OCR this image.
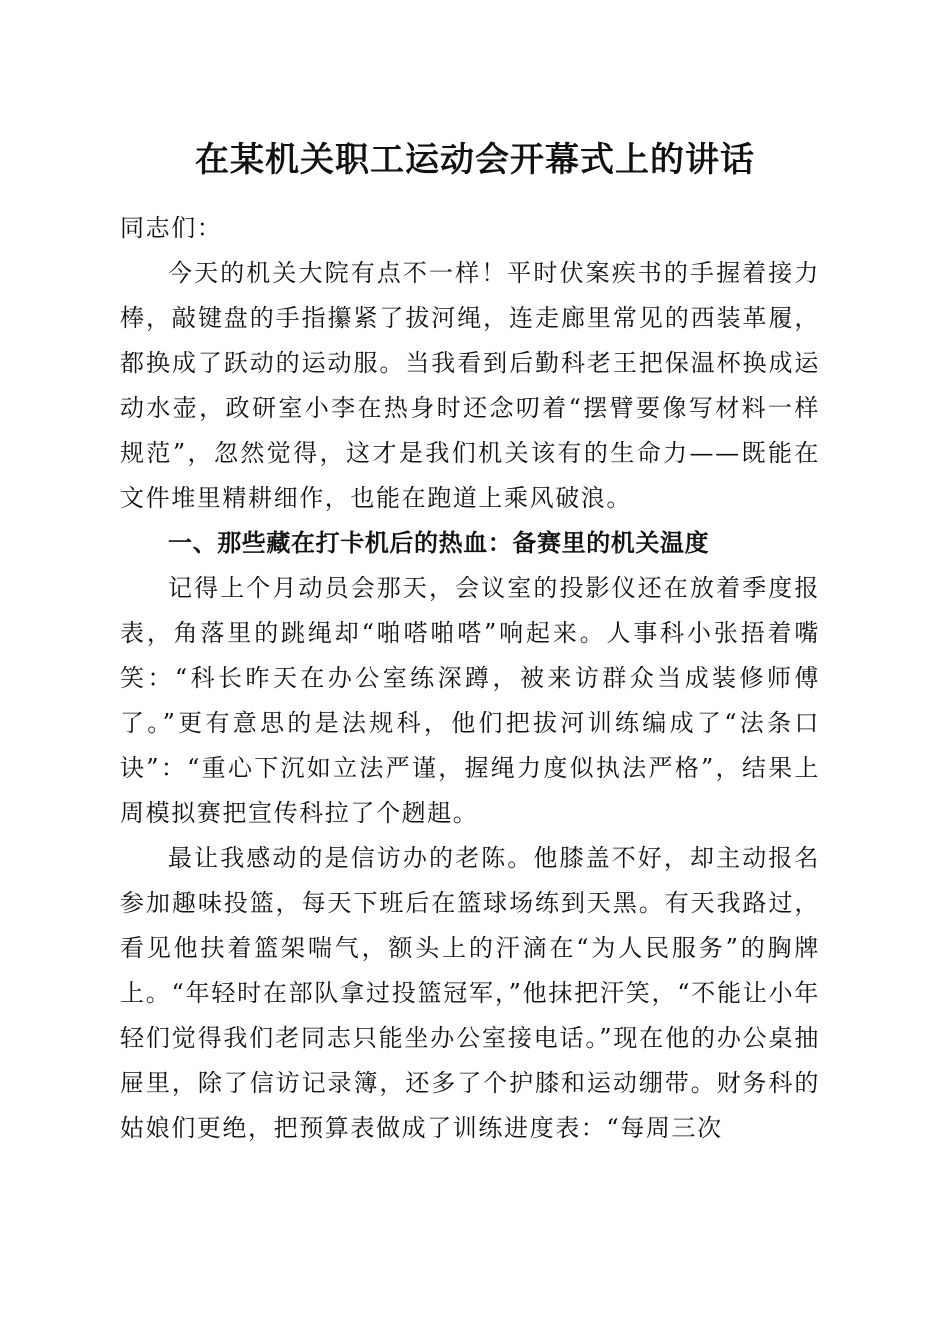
在某机关职工运动会开幕式上的讲话

同志们：

今天的机关大院有点不一样！平时伏案疾书的手握着接力棒，敲键盘的手指攥紧了拔河绳，连走廊里常见的西装革履，都换成了跃动的运动服。当我看到后勤科老王把保温杯换成运动水壶，政研室小李在热身时还念叨着“摆臂要像写材料一样规范”，忽然觉得，这才是我们机关该有的生命力——既能在文件堆里精耕细作，也能在跑道上乘风破浪。

一、那些藏在打卡机后的热血：备赛里的机关温度

记得上个月动员会那天，会议室的投影仪还在放着季度报表，角落里的跳绳却“啪嗒啪嗒”响起来。人事科小张捂着嘴笑：“科长昨天在办公室练深蹲，被来访群众当成装修师傅了。”更有意思的是法规科，他们把拔河训练编成了“法条口诀”：“重心下沉如立法严谨，握绳力度似执法严格”，结果上周模拟赛把宣传科拉了个趔趄。

最让我感动的是信访办的老陈。他膝盖不好，却主动报名参加趣味投篮，每天下班后在篮球场练到天黑。有天我路过，看见他扶着篮架喘气，额头上的汗滴在“为人民服务”的胸牌上。“年轻时在部队拿过投篮冠军，”他抹把汗笑，“不能让小年轻们觉得我们老同志只能坐办公室接电话。”现在他的办公桌抽屉里，除了信访记录簿，还多了个护膝和运动绷带。财务科的姑娘们更绝，把预算表做成了训练进度表：“每周三次
